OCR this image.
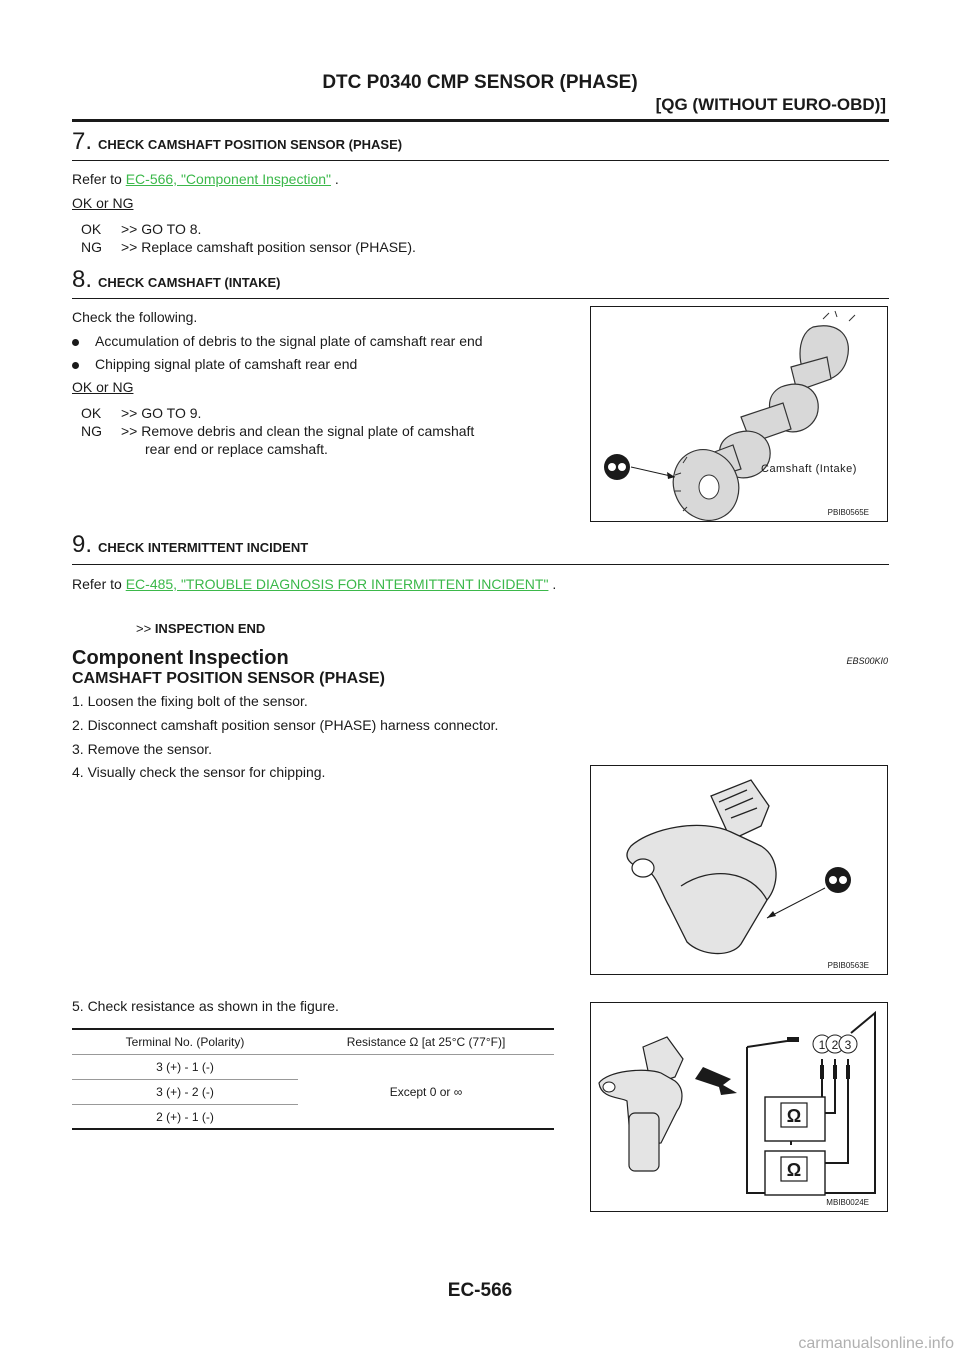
DTC P0340 CMP SENSOR (PHASE)
[QG (WITHOUT EURO-OBD)]
7. CHECK CAMSHAFT POSITION SENSOR (PHASE)
Refer to EC-566, "Component Inspection" .
OK or NG
OK	>> GO TO 8.
NG	>> Replace camshaft position sensor (PHASE).
8. CHECK CAMSHAFT (INTAKE)
Check the following.
Accumulation of debris to the signal plate of camshaft rear end
Chipping signal plate of camshaft rear end
OK or NG
OK	>> GO TO 9.
NG	>> Remove debris and clean the signal plate of camshaft
	rear end or replace camshaft.
Camshaft (Intake)
PBIB0565E
9. CHECK INTERMITTENT INCIDENT
Refer to EC-485, "TROUBLE DIAGNOSIS FOR INTERMITTENT INCIDENT" .
>> INSPECTION END
Component Inspection	EBS00KI0
CAMSHAFT POSITION SENSOR (PHASE)
1. Loosen the fixing bolt of the sensor.
2. Disconnect camshaft position sensor (PHASE) harness connector.
3. Remove the sensor.
4. Visually check the sensor for chipping.
PBIB0563E
5. Check resistance as shown in the figure.
Terminal No. (Polarity)	Resistance Ω [at 25°C (77°F)]
3 (+) - 1 (-)	Except 0 or ∞
3 (+) - 2 (-)	
2 (+) - 1 (-)	
1 2 3
Ω
Ω
MBIB0024E
EC-566
carmanualsonline.info
